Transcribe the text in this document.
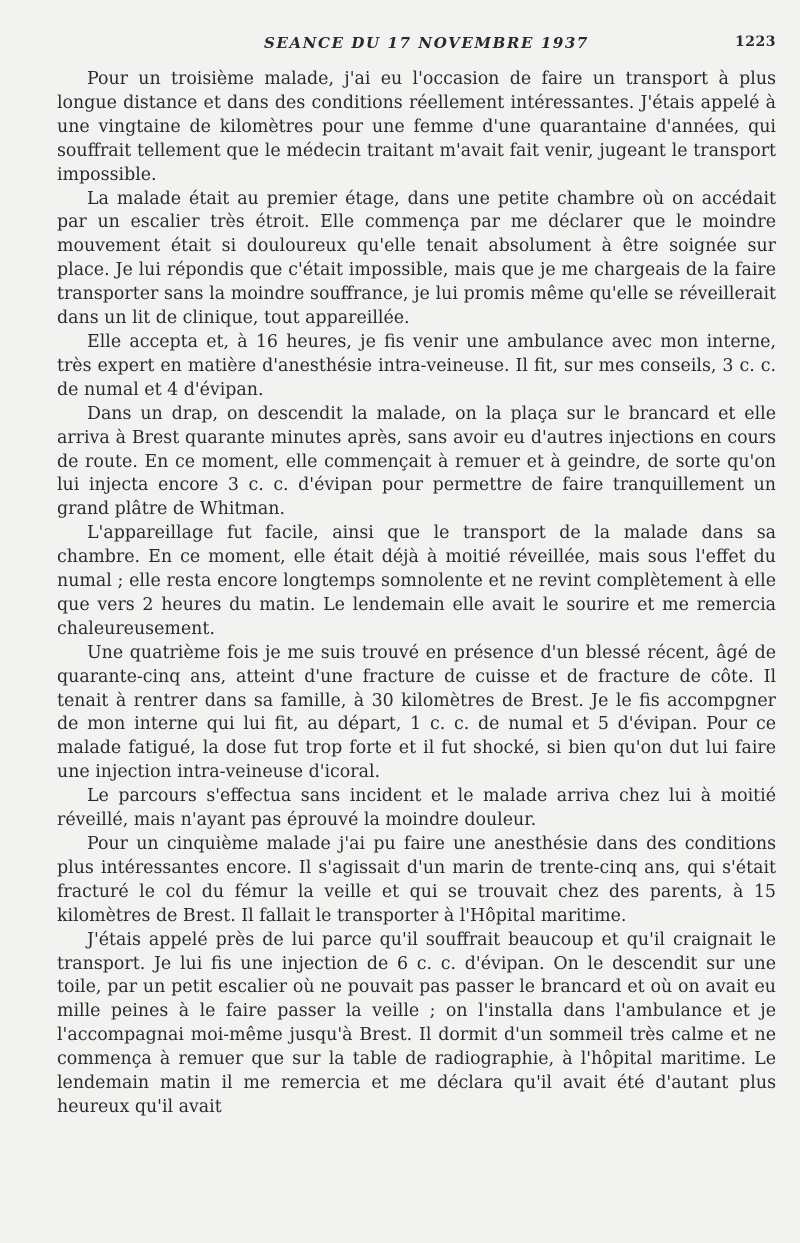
SEANCE DU 17 NOVEMBRE 1937	1223

Pour un troisième malade, j'ai eu l'occasion de faire un transport à plus longue distance et dans des conditions réellement intéressantes. J'étais appelé à une vingtaine de kilomètres pour une femme d'une quarantaine d'années, qui souffrait tellement que le médecin traitant m'avait fait venir, jugeant le transport impossible.

La malade était au premier étage, dans une petite chambre où on accédait par un escalier très étroit. Elle commença par me déclarer que le moindre mouvement était si douloureux qu'elle tenait absolument à être soignée sur place. Je lui répondis que c'était impossible, mais que je me chargeais de la faire transporter sans la moindre souffrance, je lui promis même qu'elle se réveillerait dans un lit de clinique, tout appareillée.

Elle accepta et, à 16 heures, je fis venir une ambulance avec mon interne, très expert en matière d'anesthésie intra-veineuse. Il fit, sur mes conseils, 3 c. c. de numal et 4 d'évipan.

Dans un drap, on descendit la malade, on la plaça sur le brancard et elle arriva à Brest quarante minutes après, sans avoir eu d'autres injections en cours de route. En ce moment, elle commençait à remuer et à geindre, de sorte qu'on lui injecta encore 3 c. c. d'évipan pour permettre de faire tranquillement un grand plâtre de Whitman.

L'appareillage fut facile, ainsi que le transport de la malade dans sa chambre. En ce moment, elle était déjà à moitié réveillée, mais sous l'effet du numal ; elle resta encore longtemps somnolente et ne revint complètement à elle que vers 2 heures du matin. Le lendemain elle avait le sourire et me remercia chaleureusement.

Une quatrième fois je me suis trouvé en présence d'un blessé récent, âgé de quarante-cinq ans, atteint d'une fracture de cuisse et de fracture de côte. Il tenait à rentrer dans sa famille, à 30 kilomètres de Brest. Je le fis accompgner de mon interne qui lui fit, au départ, 1 c. c. de numal et 5 d'évipan. Pour ce malade fatigué, la dose fut trop forte et il fut shocké, si bien qu'on dut lui faire une injection intra-veineuse d'icoral.

Le parcours s'effectua sans incident et le malade arriva chez lui à moitié réveillé, mais n'ayant pas éprouvé la moindre douleur.

Pour un cinquième malade j'ai pu faire une anesthésie dans des conditions plus intéressantes encore. Il s'agissait d'un marin de trente-cinq ans, qui s'était fracturé le col du fémur la veille et qui se trouvait chez des parents, à 15 kilomètres de Brest. Il fallait le transporter à l'Hôpital maritime.

J'étais appelé près de lui parce qu'il souffrait beaucoup et qu'il craignait le transport. Je lui fis une injection de 6 c. c. d'évipan. On le descendit sur une toile, par un petit escalier où ne pouvait pas passer le brancard et où on avait eu mille peines à le faire passer la veille ; on l'installa dans l'ambulance et je l'accompagnai moi-même jusqu'à Brest. Il dormit d'un sommeil très calme et ne commença à remuer que sur la table de radiographie, à l'hôpital maritime. Le lendemain matin il me remercia et me déclara qu'il avait été d'autant plus heureux qu'il avait
